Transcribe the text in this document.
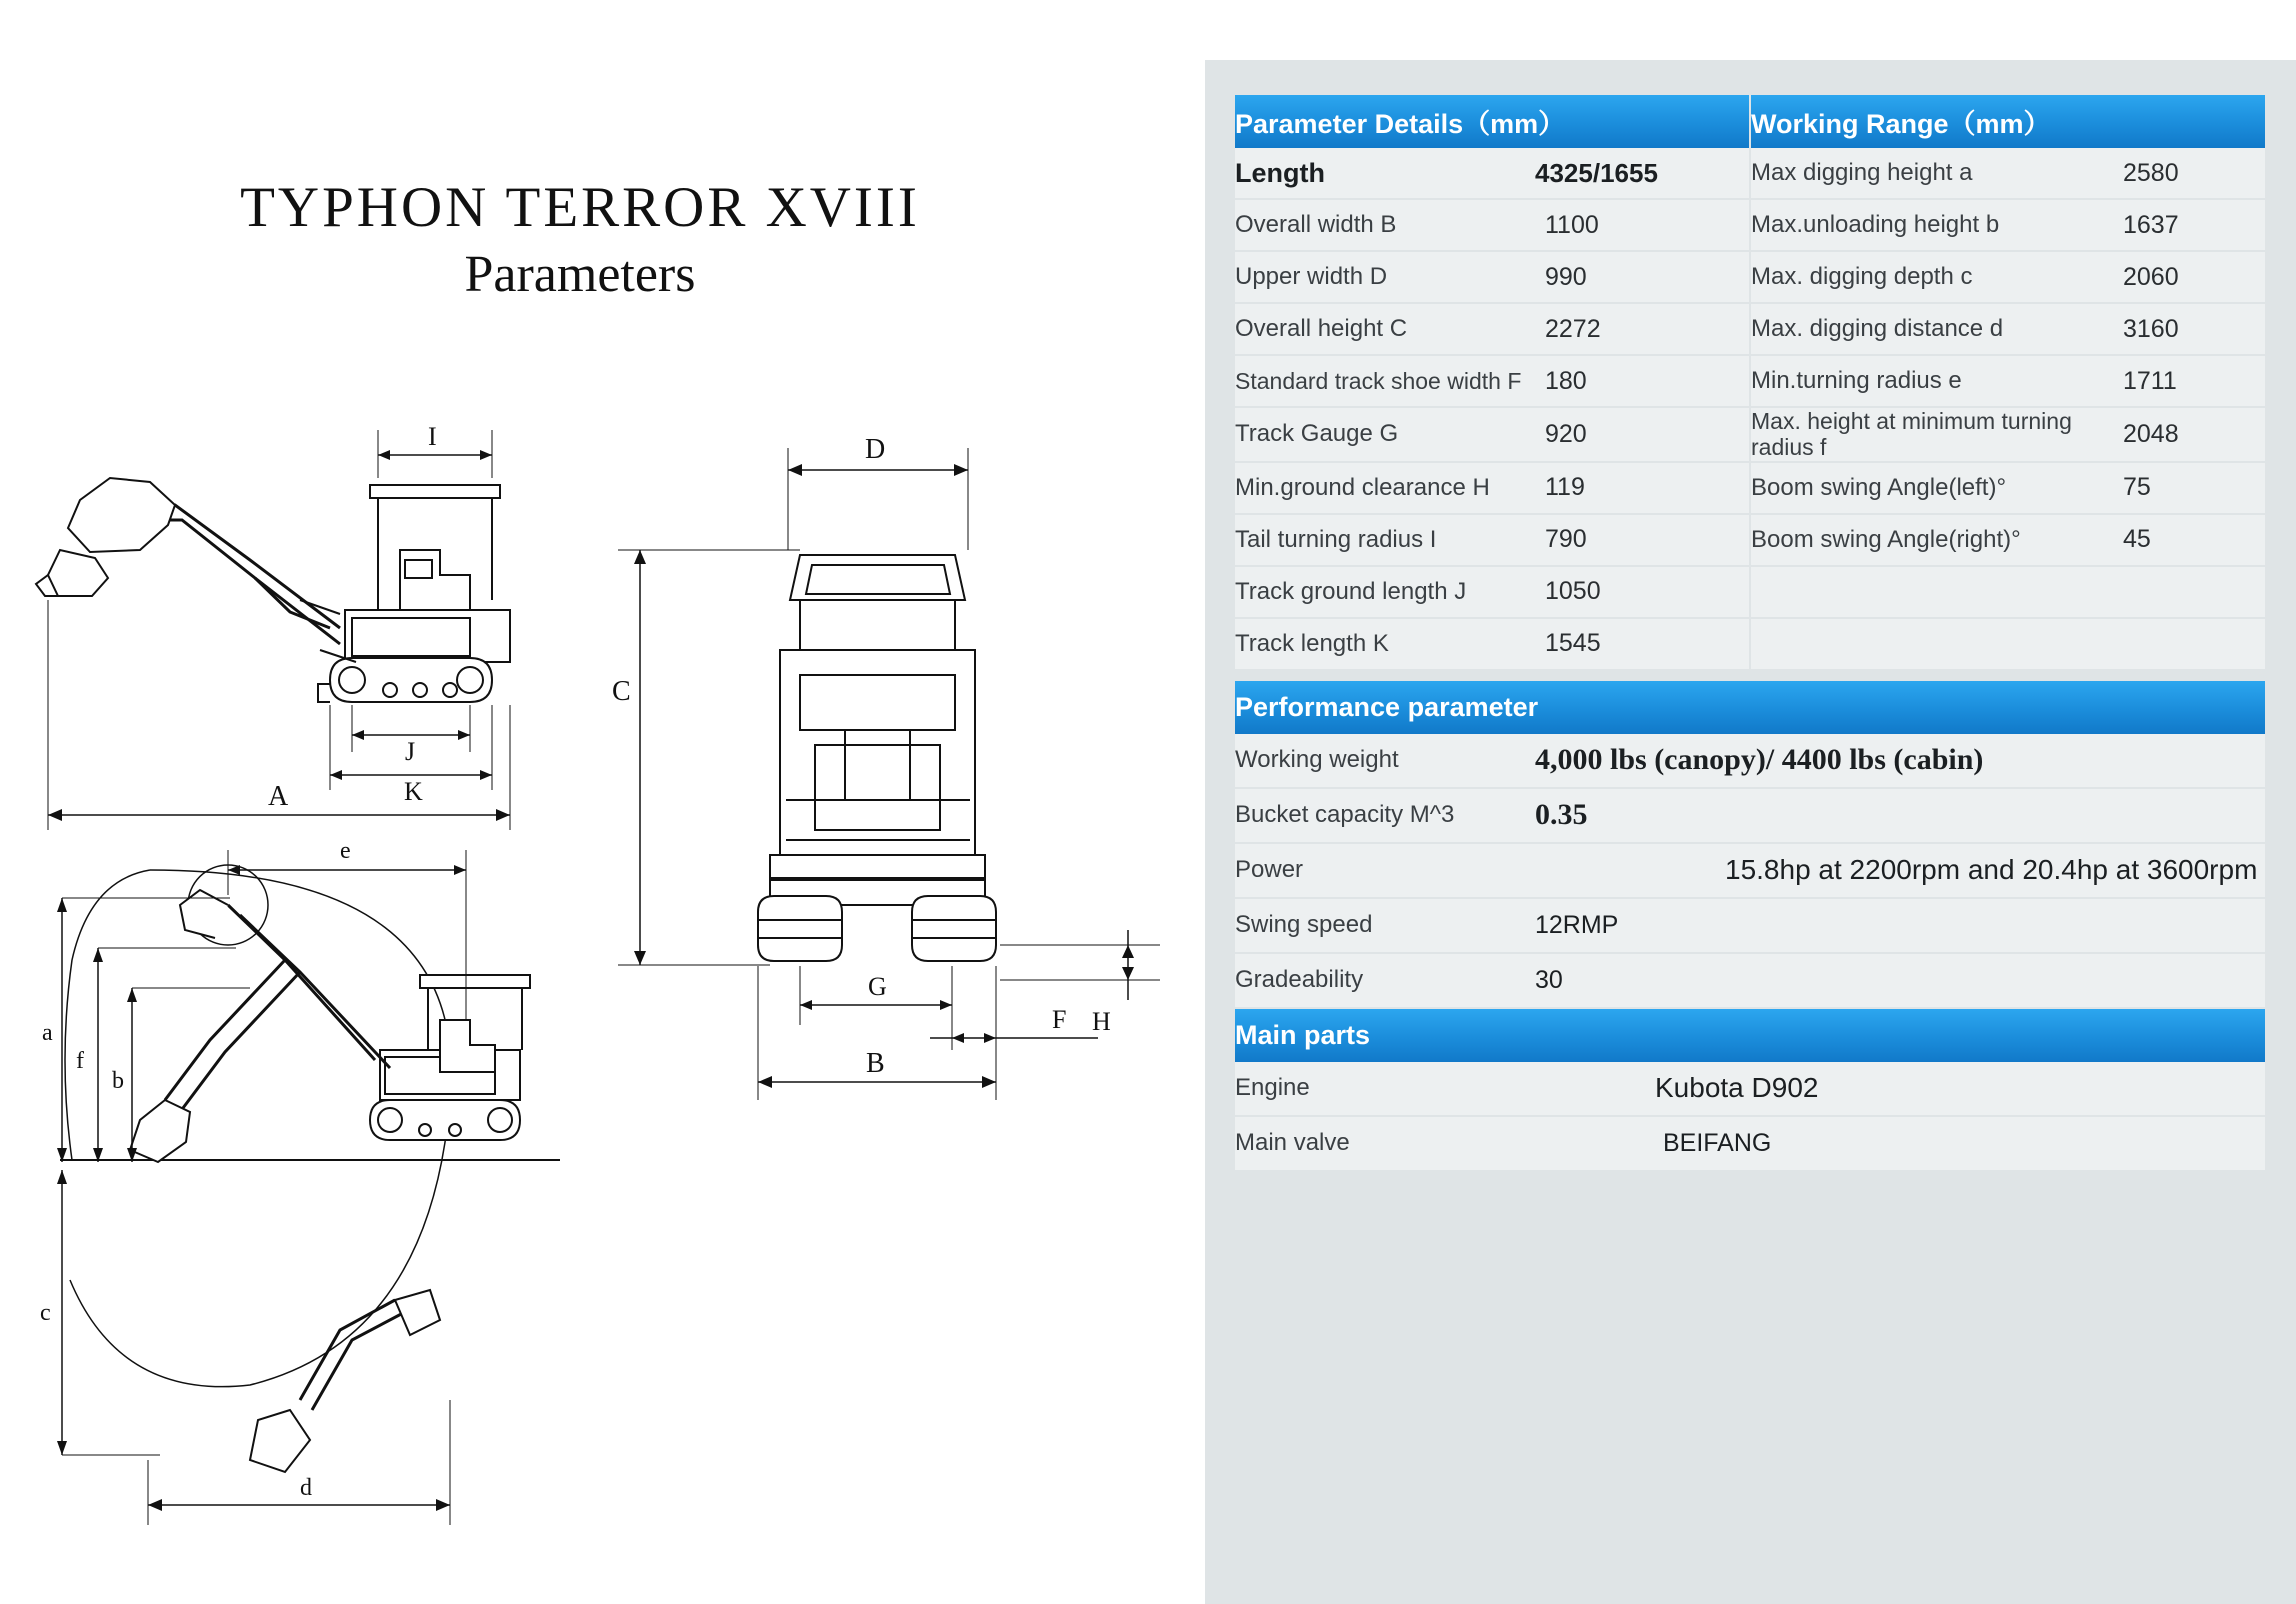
TYPHON TERROR XVIII
Parameters
I
J
K
A
e
a
f
b
c
d
D
C
G
F H
B
Parameter Details（mm）		Working Range（mm）	
Length	4325/1655	Max digging height a	2580
Overall width B	1100	Max.unloading height b	1637
Upper width D	990	Max. digging depth c	2060
Overall height C	2272	Max. digging distance d	3160
Standard track shoe width F	180	Min.turning radius e	1711
Track Gauge G	920	Max. height at minimum turning radius f	2048
Min.ground clearance H	119	Boom swing Angle(left)°	75
Tail turning radius I	790	Boom swing Angle(right)°	45
Track ground length J	1050		
Track length K	1545		

Performance parameter			
Working weight	4,000 lbs (canopy)/ 4400 lbs (cabin)		
Bucket capacity M^3	0.35		
Power	15.8hp at 2200rpm and 20.4hp at 3600rpm		
Swing speed	12RMP		
Gradeability	30		
Main parts			
Engine	Kubota D902		
Main valve	BEIFANG		
